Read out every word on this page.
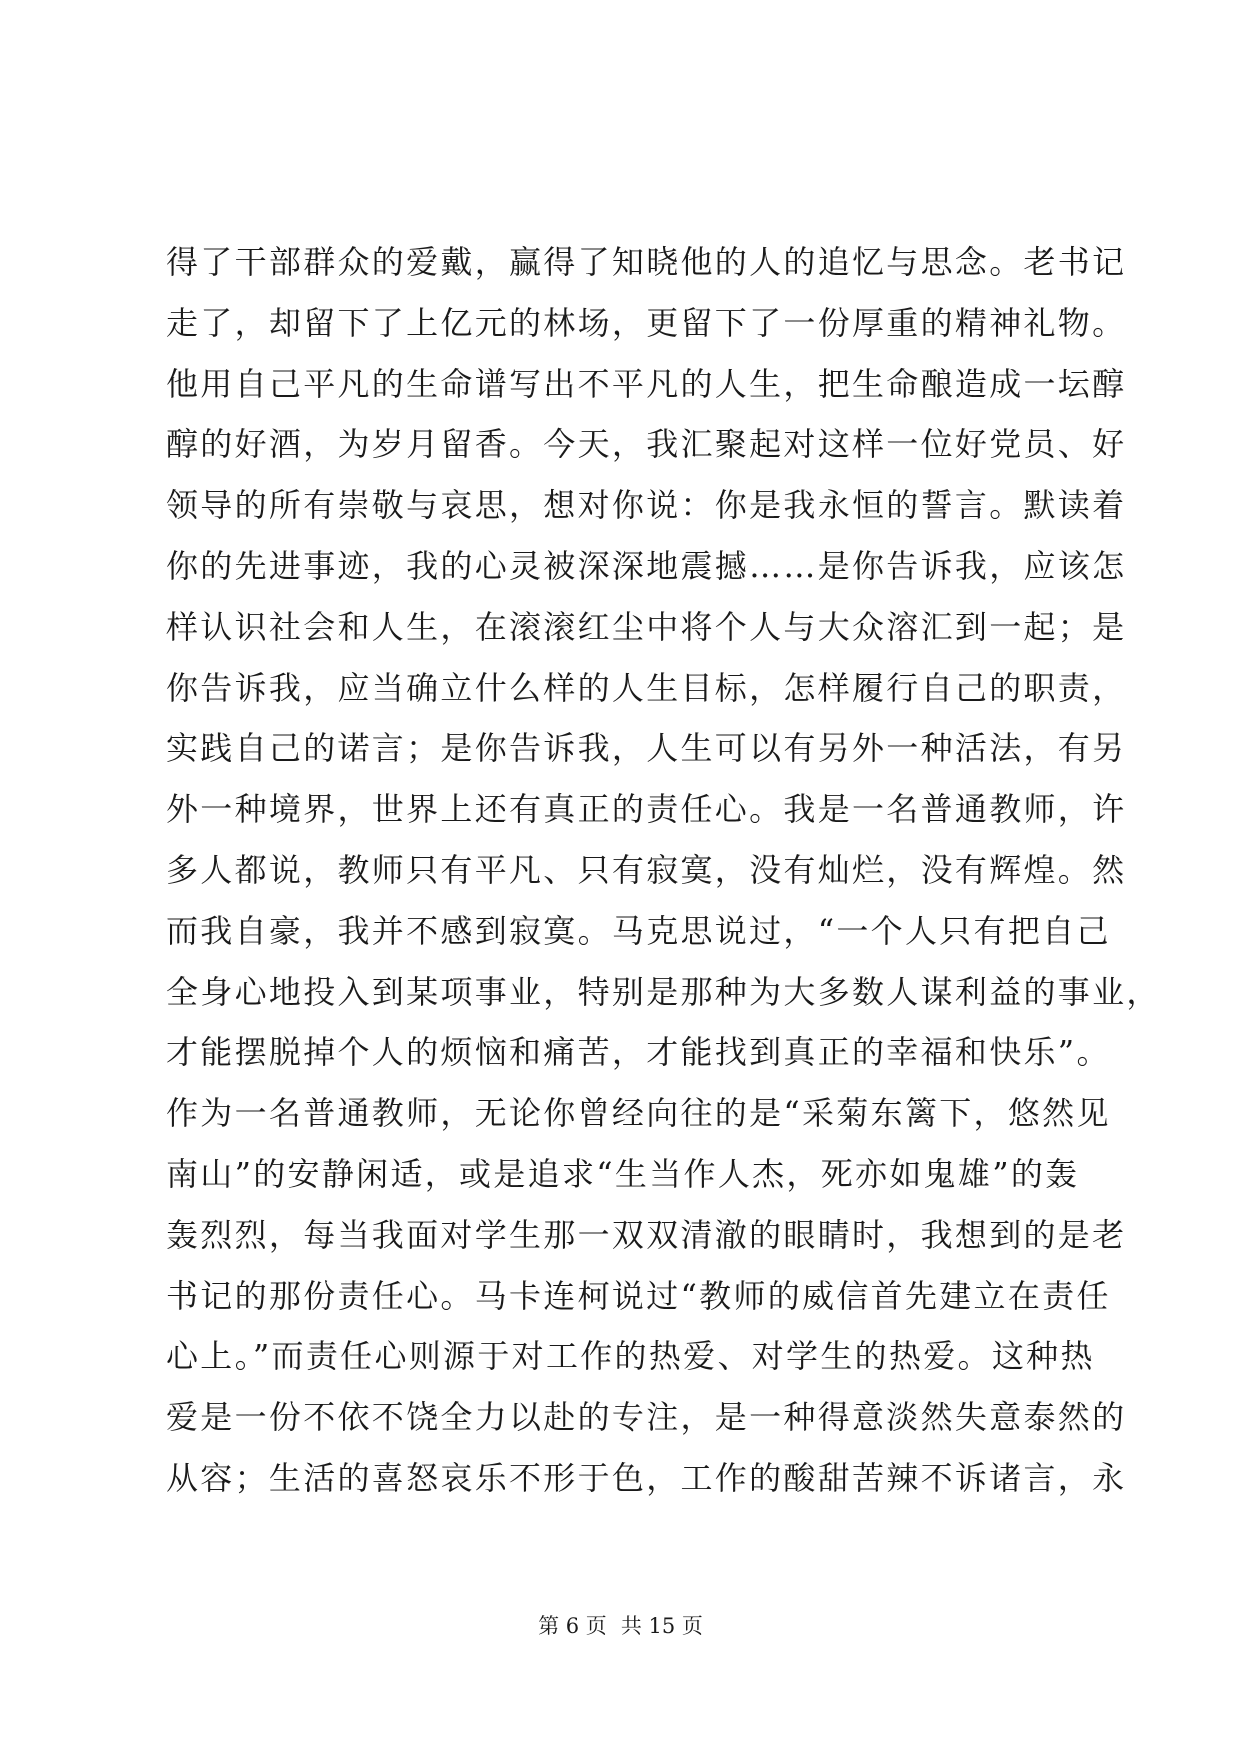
得了干部群众的爱戴，赢得了知晓他的人的追忆与思念。老书记
走了，却留下了上亿元的林场，更留下了一份厚重的精神礼物。
他用自己平凡的生命谱写出不平凡的人生，把生命酿造成一坛醇
醇的好酒，为岁月留香。今天，我汇聚起对这样一位好党员、好
领导的所有崇敬与哀思，想对你说：你是我永恒的誓言。默读着
你的先进事迹，我的心灵被深深地震撼……是你告诉我，应该怎
样认识社会和人生，在滚滚红尘中将个人与大众溶汇到一起；是
你告诉我，应当确立什么样的人生目标，怎样履行自己的职责，
实践自己的诺言；是你告诉我，人生可以有另外一种活法，有另
外一种境界，世界上还有真正的责任心。我是一名普通教师，许
多人都说，教师只有平凡、只有寂寞，没有灿烂，没有辉煌。然
而我自豪，我并不感到寂寞。马克思说过，“一个人只有把自己
全身心地投入到某项事业，特别是那种为大多数人谋利益的事业，
才能摆脱掉个人的烦恼和痛苦，才能找到真正的幸福和快乐”。
作为一名普通教师，无论你曾经向往的是“采菊东篱下，悠然见
南山”的安静闲适，或是追求“生当作人杰，死亦如鬼雄”的轰
轰烈烈，每当我面对学生那一双双清澈的眼睛时，我想到的是老
书记的那份责任心。马卡连柯说过“教师的威信首先建立在责任
心上。”而责任心则源于对工作的热爱、对学生的热爱。这种热
爱是一份不依不饶全力以赴的专注，是一种得意淡然失意泰然的
从容；生活的喜怒哀乐不形于色，工作的酸甜苦辣不诉诸言，永
第 6 页 共 15 页
